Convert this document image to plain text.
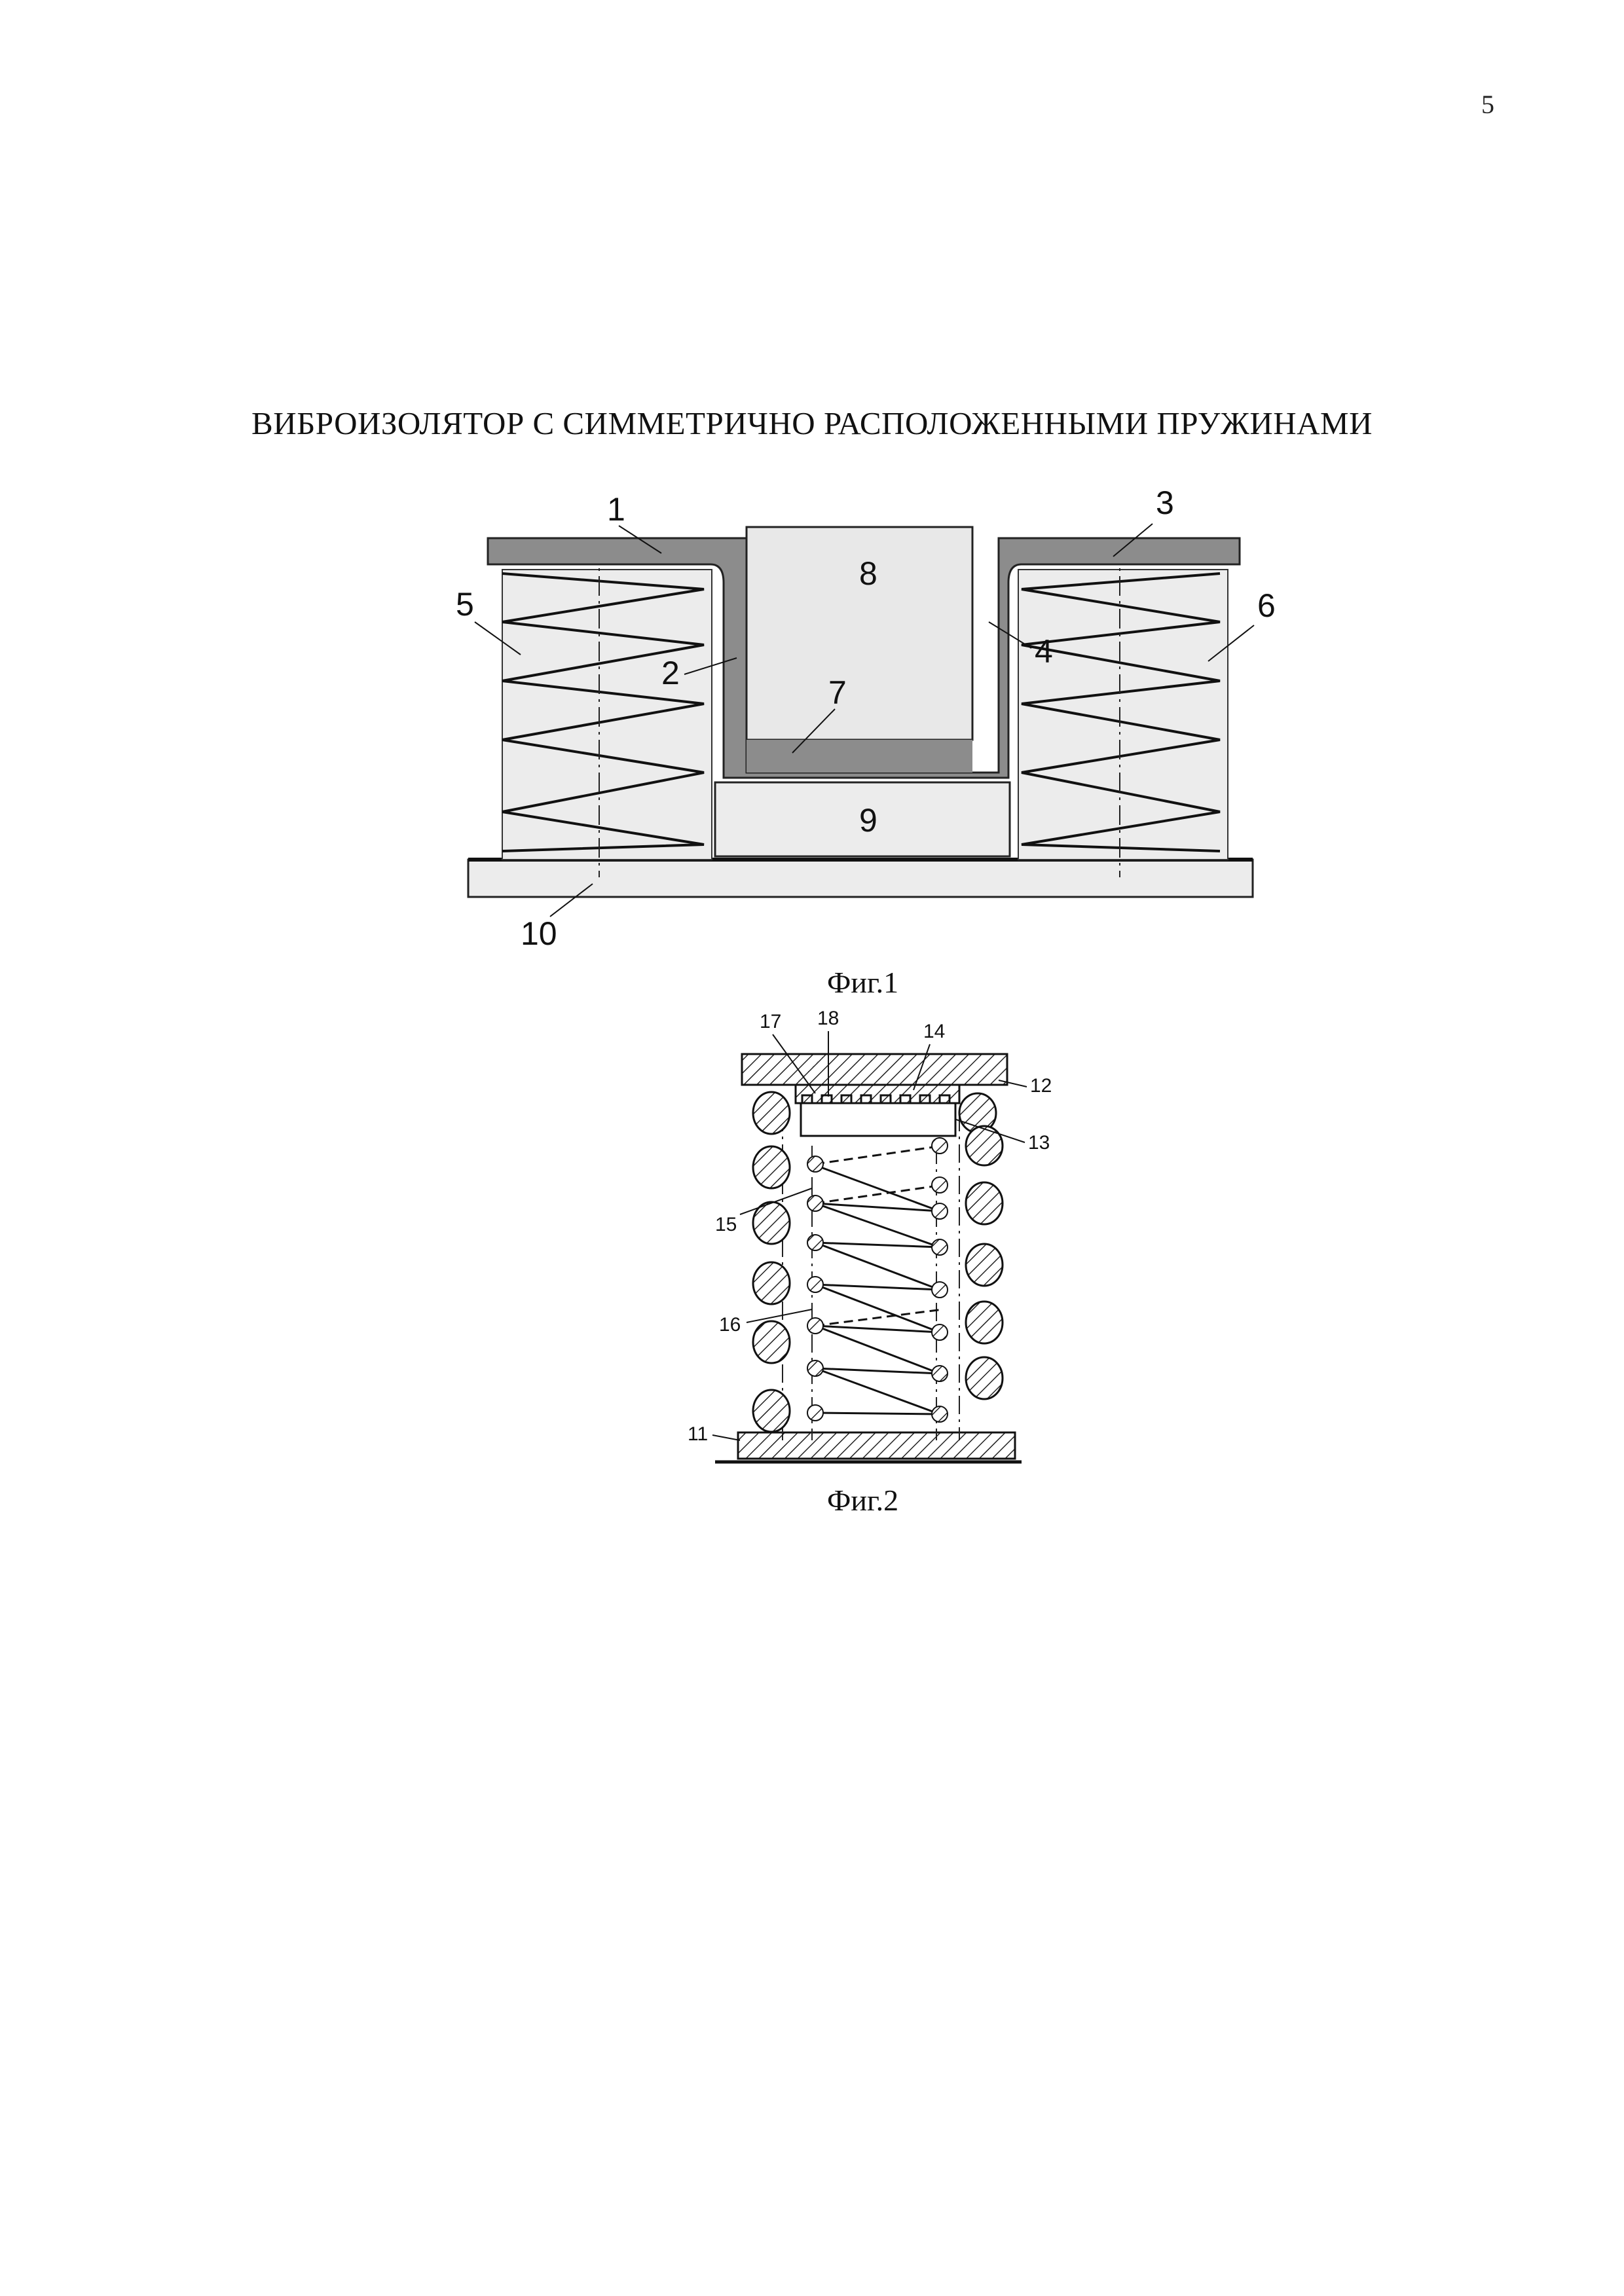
5
ВИБРОИЗОЛЯТОР С СИММЕТРИЧНО РАСПОЛОЖЕННЫМИ ПРУЖИНАМИ
1	3
8
5	6
4
2
7
9
10
17 18
14
12
13
15
16
11
Фиг.1
Фиг.2
